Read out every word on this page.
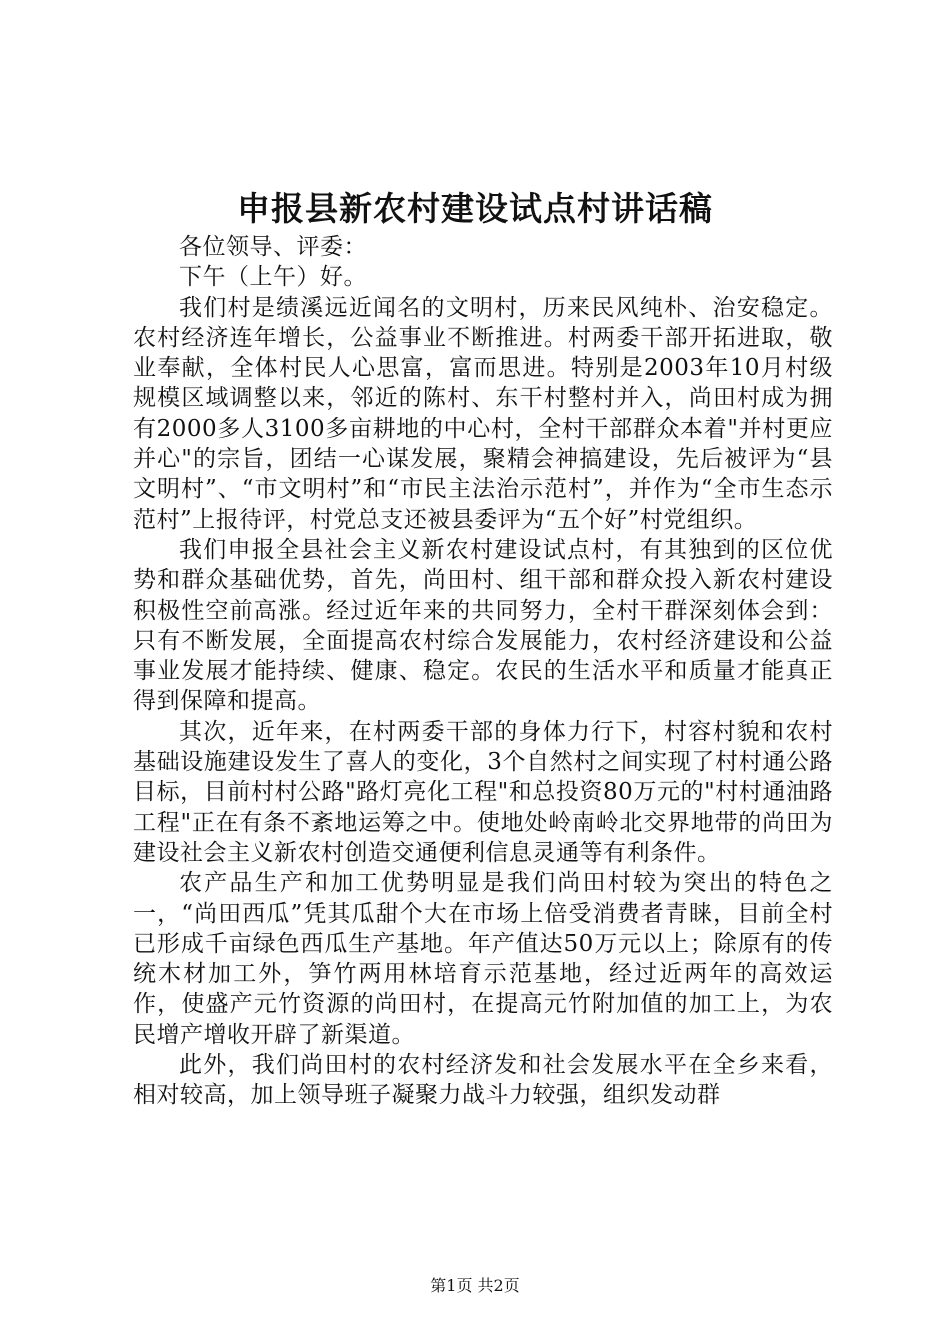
申报县新农村建设试点村讲话稿

各位领导、评委：

下午（上午）好。

我们村是绩溪远近闻名的文明村，历来民风纯朴、治安稳定。农村经济连年增长，公益事业不断推进。村两委干部开拓进取，敬业奉献，全体村民人心思富，富而思进。特别是2003年10月村级规模区域调整以来，邻近的陈村、东干村整村并入，尚田村成为拥有2000多人3100多亩耕地的中心村，全村干部群众本着"并村更应并心"的宗旨，团结一心谋发展，聚精会神搞建设，先后被评为“县文明村”、“市文明村”和“市民主法治示范村”，并作为“全市生态示范村”上报待评，村党总支还被县委评为“五个好”村党组织。

我们申报全县社会主义新农村建设试点村，有其独到的区位优势和群众基础优势，首先，尚田村、组干部和群众投入新农村建设积极性空前高涨。经过近年来的共同努力，全村干群深刻体会到：只有不断发展，全面提高农村综合发展能力，农村经济建设和公益事业发展才能持续、健康、稳定。农民的生活水平和质量才能真正得到保障和提高。

其次，近年来，在村两委干部的身体力行下，村容村貌和农村基础设施建设发生了喜人的变化，3个自然村之间实现了村村通公路目标，目前村村公路"路灯亮化工程"和总投资80万元的"村村通油路工程"正在有条不紊地运筹之中。使地处岭南岭北交界地带的尚田为建设社会主义新农村创造交通便利信息灵通等有利条件。

农产品生产和加工优势明显是我们尚田村较为突出的特色之一，“尚田西瓜”凭其瓜甜个大在市场上倍受消费者青睐，目前全村已形成千亩绿色西瓜生产基地。年产值达50万元以上；除原有的传统木材加工外，笋竹两用林培育示范基地，经过近两年的高效运作，使盛产元竹资源的尚田村，在提高元竹附加值的加工上，为农民增产增收开辟了新渠道。

此外，我们尚田村的农村经济发和社会发展水平在全乡来看，相对较高，加上领导班子凝聚力战斗力较强，组织发动群

第1页 共2页
